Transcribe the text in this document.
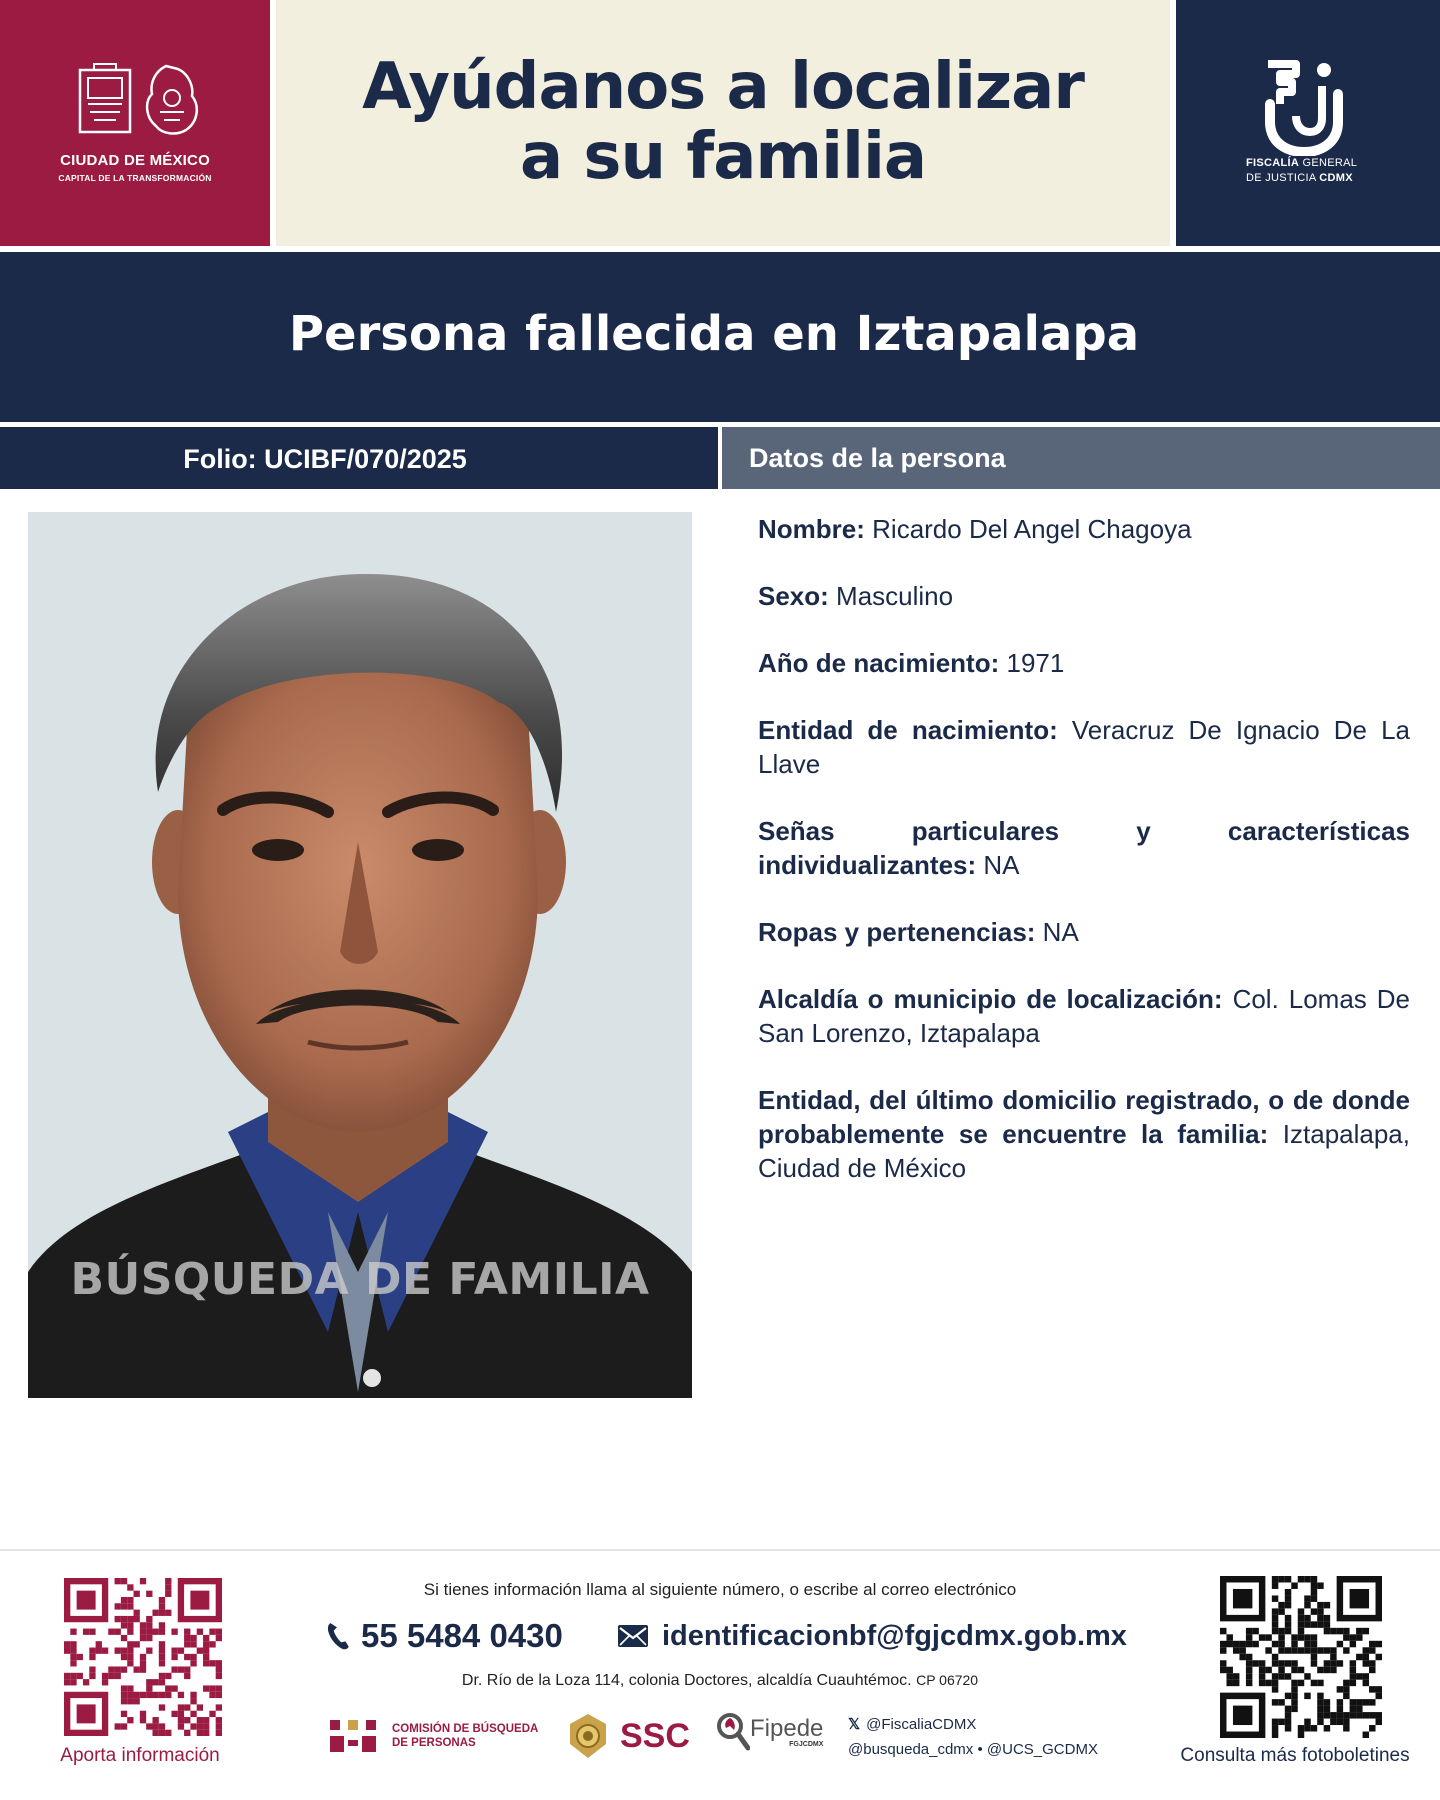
CIUDAD DE MÉXICO
CAPITAL DE LA TRANSFORMACIÓN
Ayúdanos a localizar
a su familia	FISCALÍA GENERAL
DE JUSTICIA CDMX
Persona fallecida en Iztapalapa
Folio: UCIBF/070/2025	Datos de la persona
BÚSQUEDA DE FAMILIA
Nombre: Ricardo Del Angel Chagoya
Sexo: Masculino
Año de nacimiento: 1971
Entidad de nacimiento: Veracruz De Ignacio De La Llave
Señas particulares y características individualizantes: NA
Ropas y pertenencias: NA
Alcaldía o municipio de localización: Col. Lomas De San Lorenzo, Iztapalapa
Entidad, del último domicilio registrado, o de donde probablemente se encuentre la familia: Iztapalapa, Ciudad de México
Aporta información
Si tienes información llama al siguiente número, o escribe al correo electrónico
55 5484 0430	identificacionbf@fgjcdmx.gob.mx
Dr. Río de la Loza 114, colonia Doctores, alcaldía Cuauhtémoc. CP 06720
COMISIÓN DE BÚSQUEDA
DE PERSONAS	SSC	Fipede
FGJCDMX
𝕏 @FiscaliaCDMX
@busqueda_cdmx • @UCS_GCDMX	Consulta más fotoboletines
